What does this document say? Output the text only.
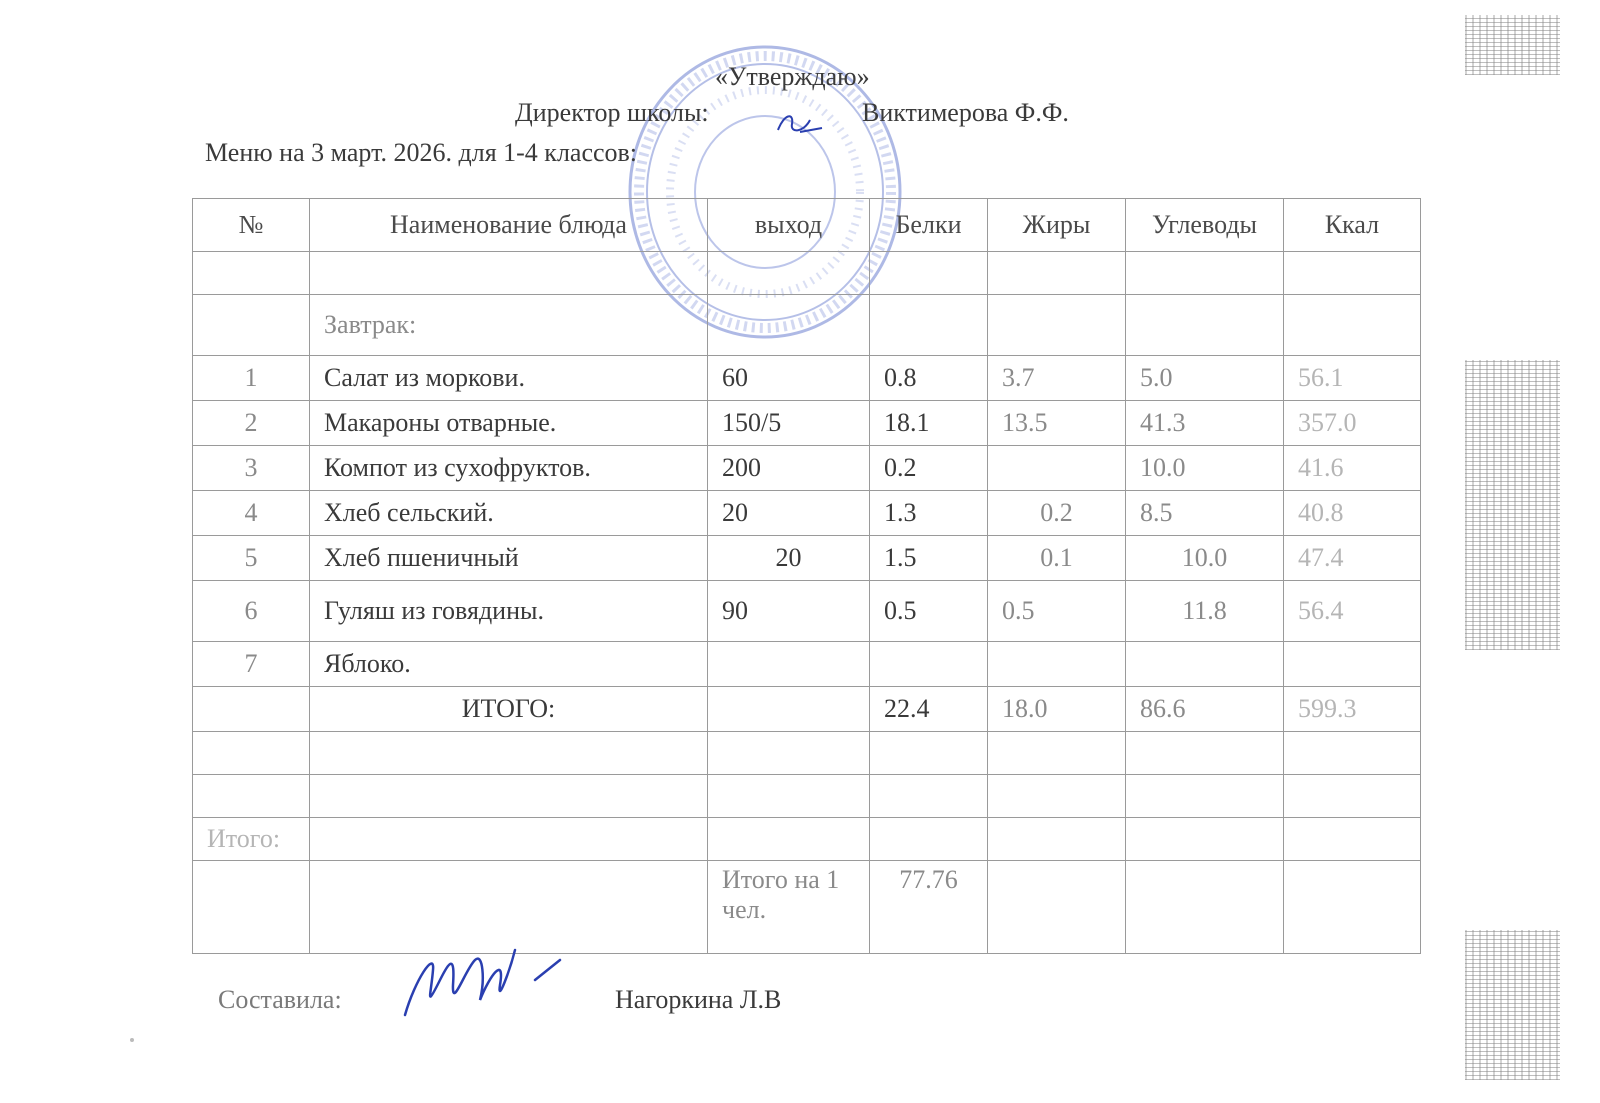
«Утверждаю»
Директор школы:	Виктимерова Ф.Ф.
Меню на 3 март. 2026. для 1-4 классов:
№	Наименование блюда	выход	Белки	Жиры	Углеводы	Ккал

	Завтрак:					
1	Салат из моркови.	60	0.8	3.7	5.0	56.1
2	Макароны отварные.	150/5	18.1	13.5	41.3	357.0
3	Компот из сухофруктов.	200	0.2		10.0	41.6
4	Хлеб сельский.	20	1.3	0.2	8.5	40.8
5	Хлеб пшеничный	20	1.5	0.1	10.0	47.4
6	Гуляш из говядины.	90	0.5	0.5	11.8	56.4
7	Яблоко.					
	ИТОГО:		22.4	18.0	86.6	599.3

Итого:						
		Итого на 1 чел.	77.76			
Составила:	Нагоркина Л.В
